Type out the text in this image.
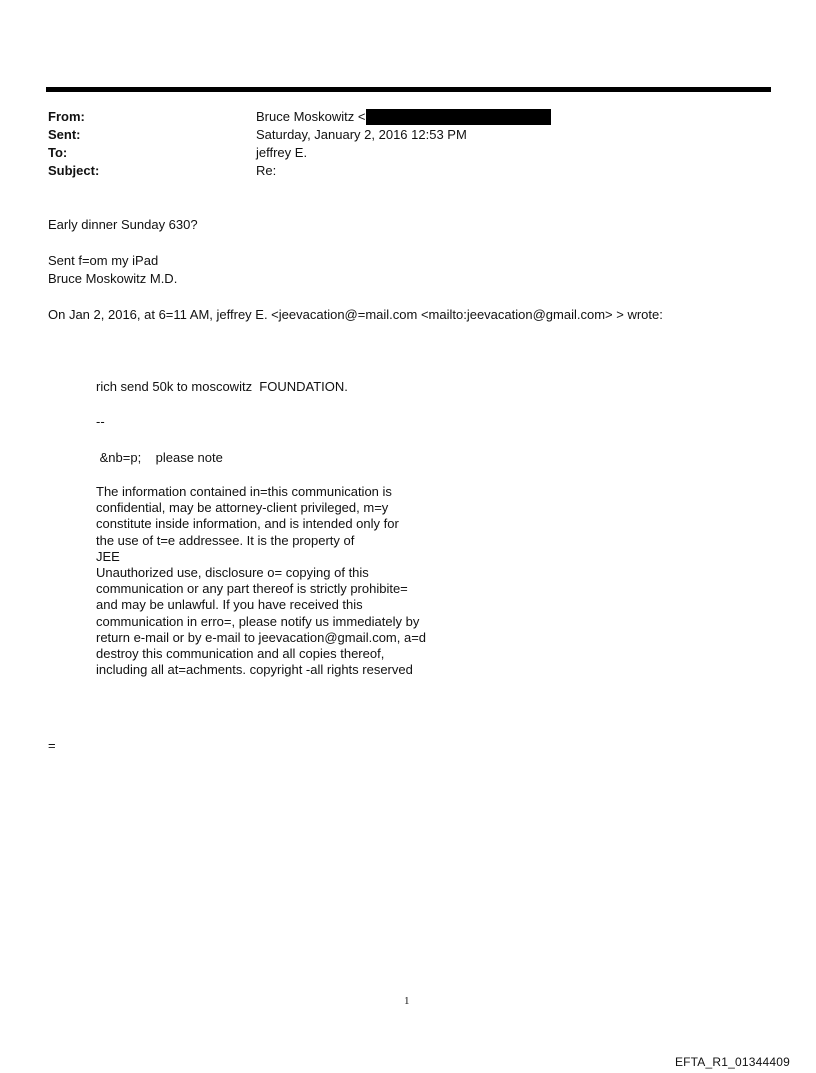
From:	Bruce Moskowitz <
Sent:	Saturday, January 2, 2016 12:53 PM
To:	jeffrey E.
Subject:	Re:
Early dinner Sunday 630?
Sent f=om my iPad
Bruce Moskowitz M.D.
On Jan 2, 2016, at 6=11 AM, jeffrey E. <jeevacation@=mail.com <mailto:jeevacation@gmail.com> > wrote:
rich send 50k to moscowitz  FOUNDATION.
--
&nb=p;    please note
The information contained in=this communication is
confidential, may be attorney-client privileged, m=y
constitute inside information, and is intended only for
the use of t=e addressee. It is the property of
JEE
Unauthorized use, disclosure o= copying of this
communication or any part thereof is strictly prohibite=
and may be unlawful. If you have received this
communication in erro=, please notify us immediately by
return e-mail or by e-mail to jeevacation@gmail.com, a=d
destroy this communication and all copies thereof,
including all at=achments. copyright -all rights reserved
=
1
EFTA_R1_01344409
